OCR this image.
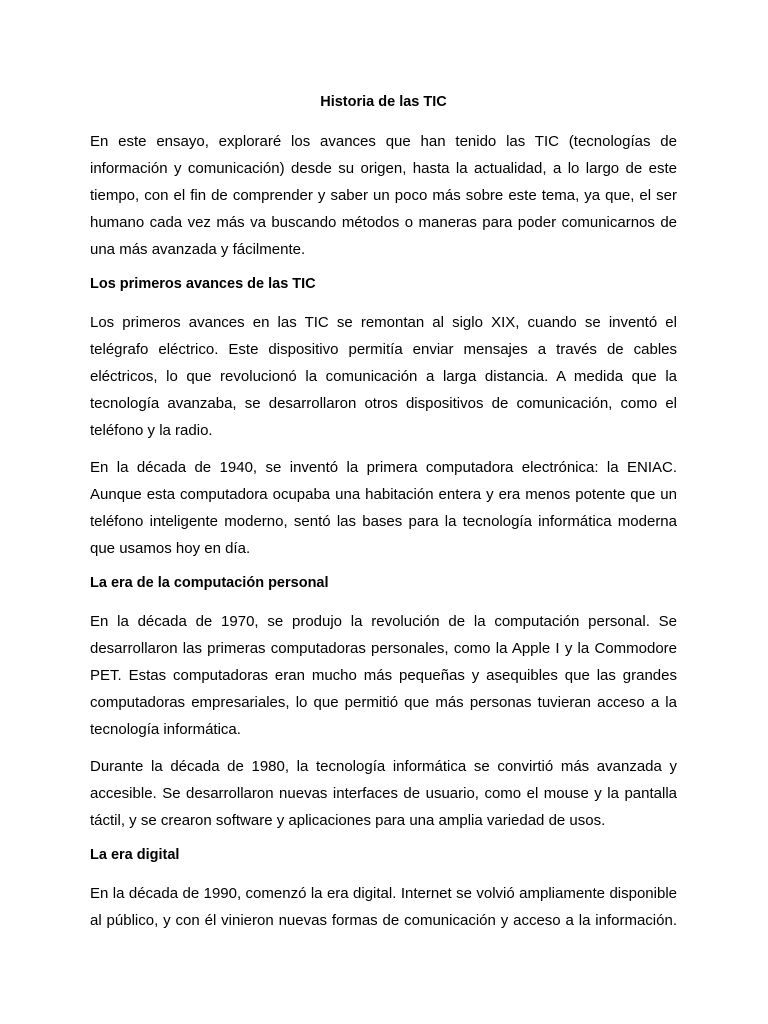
Historia de las TIC

En este ensayo, exploraré los avances que han tenido las TIC (tecnologías de información y comunicación) desde su origen, hasta la actualidad, a lo largo de este tiempo, con el fin de comprender y saber un poco más sobre este tema, ya que, el ser humano cada vez más va buscando métodos o maneras para poder comunicarnos de una más avanzada y fácilmente.

Los primeros avances de las TIC

Los primeros avances en las TIC se remontan al siglo XIX, cuando se inventó el telégrafo eléctrico. Este dispositivo permitía enviar mensajes a través de cables eléctricos, lo que revolucionó la comunicación a larga distancia. A medida que la tecnología avanzaba, se desarrollaron otros dispositivos de comunicación, como el teléfono y la radio.

En la década de 1940, se inventó la primera computadora electrónica: la ENIAC. Aunque esta computadora ocupaba una habitación entera y era menos potente que un teléfono inteligente moderno, sentó las bases para la tecnología informática moderna que usamos hoy en día.

La era de la computación personal

En la década de 1970, se produjo la revolución de la computación personal. Se desarrollaron las primeras computadoras personales, como la Apple I y la Commodore PET. Estas computadoras eran mucho más pequeñas y asequibles que las grandes computadoras empresariales, lo que permitió que más personas tuvieran acceso a la tecnología informática.

Durante la década de 1980, la tecnología informática se convirtió más avanzada y accesible. Se desarrollaron nuevas interfaces de usuario, como el mouse y la pantalla táctil, y se crearon software y aplicaciones para una amplia variedad de usos.

La era digital

En la década de 1990, comenzó la era digital. Internet se volvió ampliamente disponible al público, y con él vinieron nuevas formas de comunicación y acceso a la información.
